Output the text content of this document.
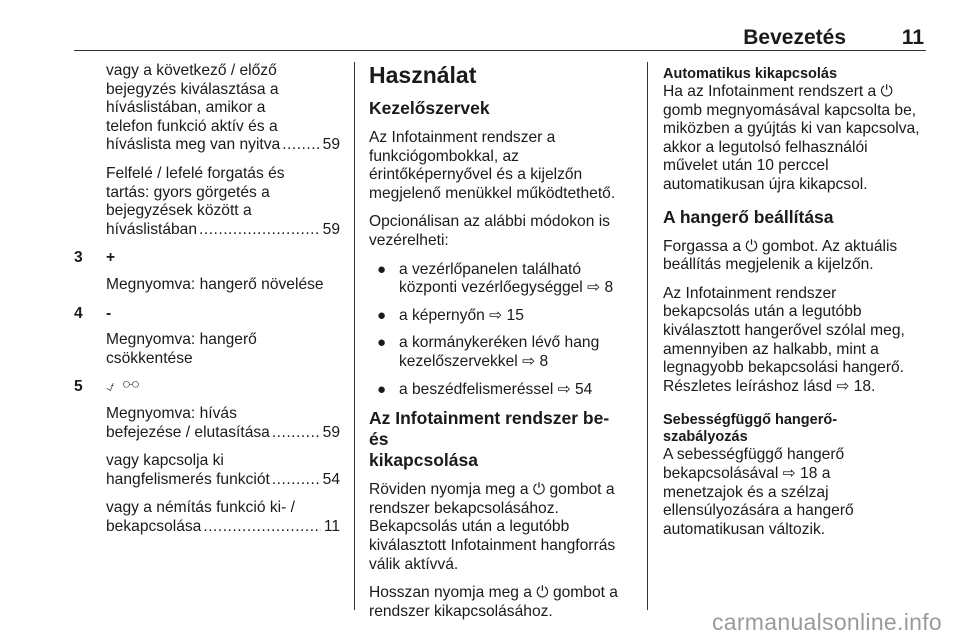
Bevezetés	11
vagy a következő / előző
bejegyzés kiválasztása a
híváslistában, amikor a
telefon funkció aktív és a
híváslista meg van nyitva .....	59
Felfelé / lefelé forgatás és
tartás: gyors görgetés a
bejegyzések között a
híváslistában .....	59
3	+
Megnyomva: hangerő növelése
4	-
Megnyomva: hangerő
csökkentése
5	⍻ ⚯
Megnyomva: hívás
befejezése / elutasítása .....	59
vagy kapcsolja ki
hangfelismerés funkciót .....	54
vagy a némítás funkció ki- /
bekapcsolása .....	11
Használat
Kezelőszervek
Az Infotainment rendszer a
funkciógombokkal, az
érintőképernyővel és a kijelzőn
megjelenő menükkel működtethető.
Opcionálisan az alábbi módokon is
vezérelheti:
● a vezérlőpanelen található
központi vezérlőegységgel ⇨ 8
● a képernyőn ⇨ 15
● a kormánykeréken lévő hang
kezelőszervekkel ⇨ 8
● a beszédfelismeréssel ⇨ 54
Az Infotainment rendszer be- és
kikapcsolása
Röviden nyomja meg a ⏻ gombot a
rendszer bekapcsolásához.
Bekapcsolás után a legutóbb
kiválasztott Infotainment hangforrás
válik aktívvá.
Hosszan nyomja meg a ⏻ gombot a
rendszer kikapcsolásához.
Automatikus kikapcsolás
Ha az Infotainment rendszert a ⏻
gomb megnyomásával kapcsolta be,
miközben a gyújtás ki van kapcsolva,
akkor a legutolsó felhasználói
művelet után 10 perccel
automatikusan újra kikapcsol.
A hangerő beállítása
Forgassa a ⏻ gombot. Az aktuális
beállítás megjelenik a kijelzőn.
Az Infotainment rendszer
bekapcsolás után a legutóbb
kiválasztott hangerővel szólal meg,
amennyiben az halkabb, mint a
legnagyobb bekapcsolási hangerő.
Részletes leíráshoz lásd ⇨ 18.
Sebességfüggő hangerő-
szabályozás
A sebességfüggő hangerő
bekapcsolásával ⇨ 18 a
menetzajok és a szélzaj
ellensúlyozására a hangerő
automatikusan változik.
carmanualsonline.info
